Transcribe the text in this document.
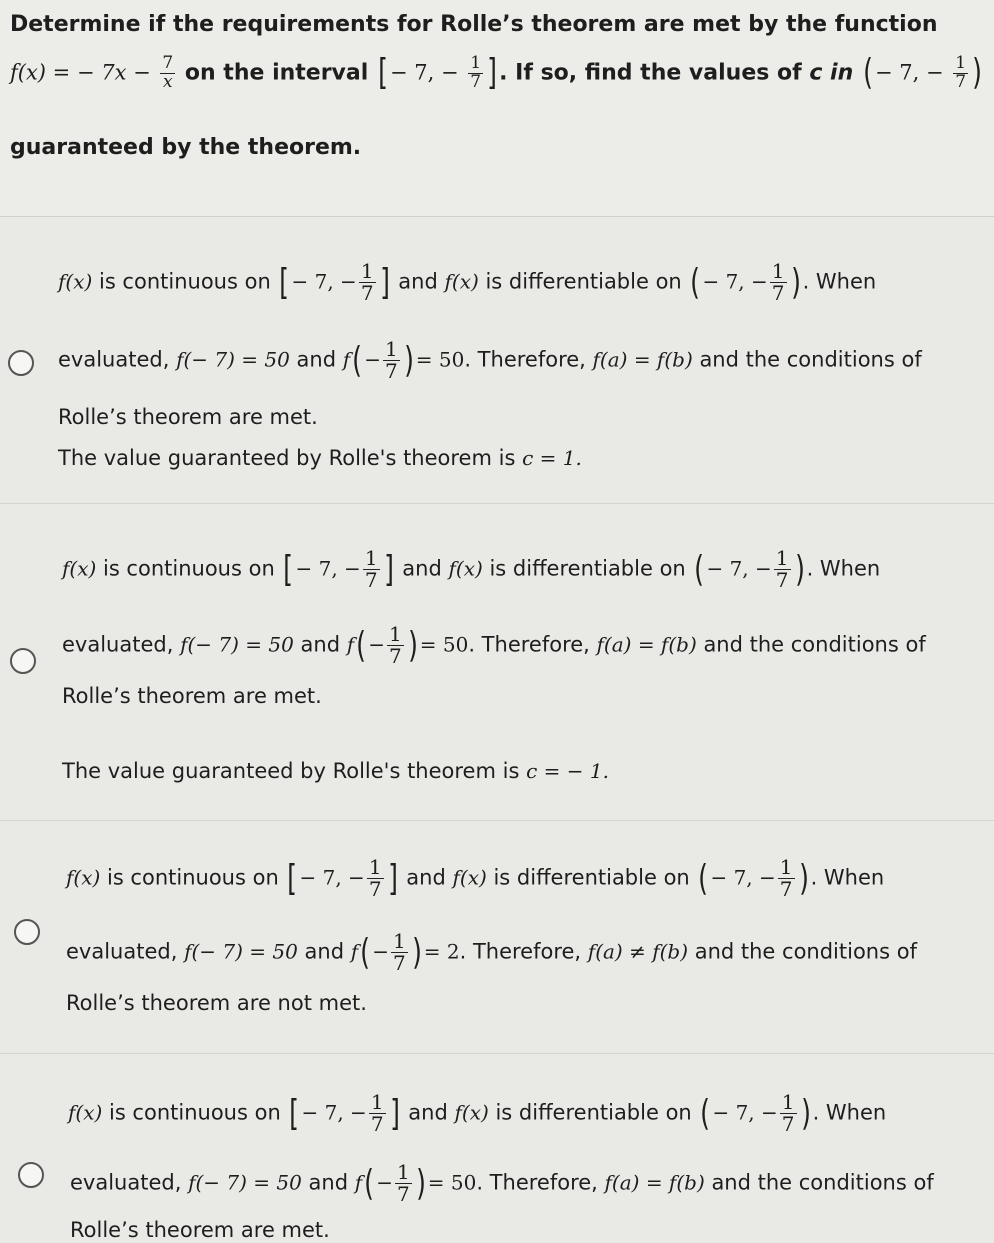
Determine if the requirements for Rolle’s theorem are met by the function
f(x) = − $7x - \frac{7}{x}$ on the interval [ − 7, − $\frac{1}{7}$ ]. If so, find the values of c in ( − 7, − $\frac{1}{7}$ )
guaranteed by the theorem.
f(x) is continuous on [ − 7, − $\frac{1}{7}$ ] and f(x) is differentiable on ( − 7, − $\frac{1}{7}$ ) . When
evaluated, f(− 7) = 50 and $f( - \frac{1}{7}$ ) = 50. Therefore, f(a) = f(b) and the conditions of
Rolle’s theorem are met.
The value guaranteed by Rolle's theorem is c = 1.
f(x) is continuous on [ − 7, − $\frac{1}{7}$ ] and f(x) is differentiable on ( − 7, − $\frac{1}{7}$ ) . When
evaluated, f(− 7) = 50 and $f( - \frac{1}{7}$ ) = 50. Therefore, f(a) = f(b) and the conditions of
Rolle’s theorem are met.
The value guaranteed by Rolle's theorem is c = − 1.
f(x) is continuous on [ − 7, − $\frac{1}{7}$ ] and f(x) is differentiable on ( − 7, − $\frac{1}{7}$ ) . When
evaluated, f(− 7) = 50 and $f( - \frac{1}{7}$ ) = 2. Therefore, f(a) ≠ f(b) and the conditions of
Rolle’s theorem are not met.
f(x) is continuous on [ − 7, − $\frac{1}{7}$ ] and f(x) is differentiable on ( − 7, − $\frac{1}{7}$ ) . When
evaluated, f(− 7) = 50 and $f( - \frac{1}{7}$ ) = 50. Therefore, f(a) = f(b) and the conditions of
Rolle’s theorem are met.
